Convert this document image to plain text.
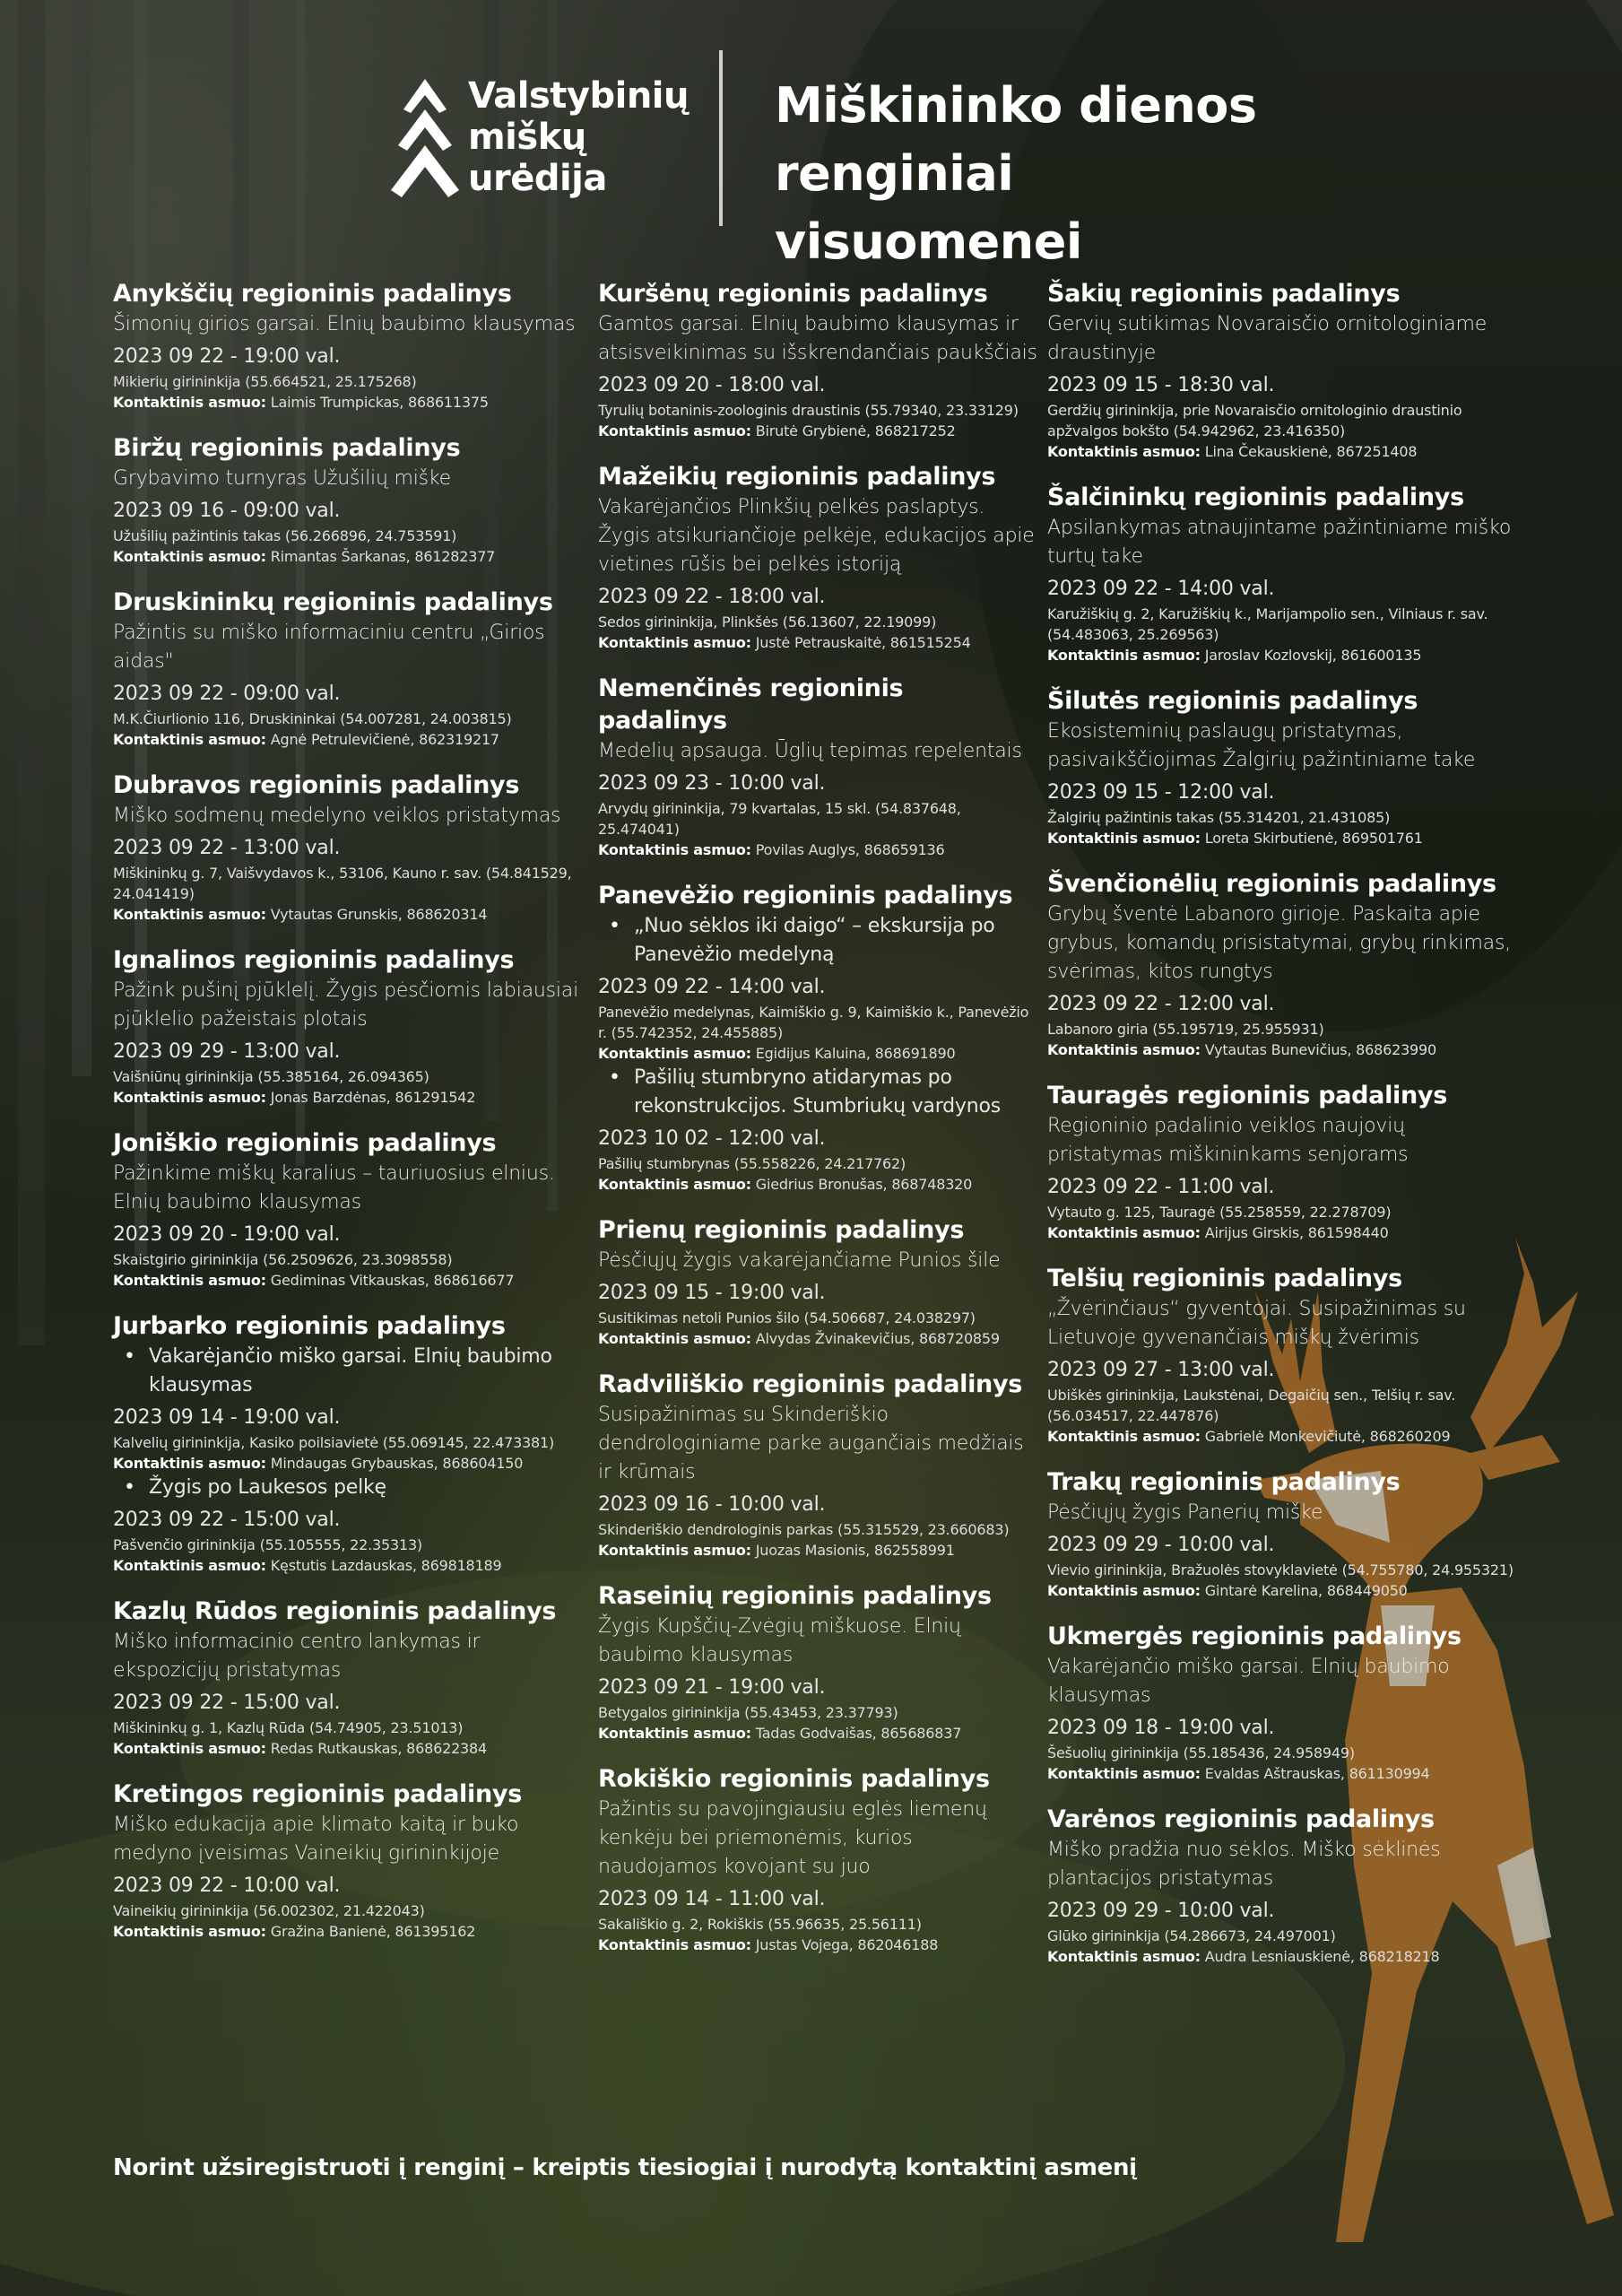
Valstybinių
miškų
urėdija
Miškininko dienos
renginiai visuomenei
Anykščių regioninis padalinys
Šimonių girios garsai. Elnių baubimo klausymas
2023 09 22 - 19:00 val.
Mikierių girininkija (55.664521, 25.175268)
Kontaktinis asmuo: Laimis Trumpickas, 868611375
Biržų regioninis padalinys
Grybavimo turnyras Užušilių miške
2023 09 16 - 09:00 val.
Užušilių pažintinis takas (56.266896, 24.753591)
Kontaktinis asmuo: Rimantas Šarkanas, 861282377
Druskininkų regioninis padalinys
Pažintis su miško informaciniu centru „Girios aidas"
2023 09 22 - 09:00 val.
M.K.Čiurlionio 116, Druskininkai (54.007281, 24.003815)
Kontaktinis asmuo: Agnė Petrulevičienė, 862319217
Dubravos regioninis padalinys
Miško sodmenų medelyno veiklos pristatymas
2023 09 22 - 13:00 val.
Miškininkų g. 7, Vaišvydavos k., 53106, Kauno r. sav. (54.841529, 24.041419)
Kontaktinis asmuo: Vytautas Grunskis, 868620314
Ignalinos regioninis padalinys
Pažink pušinį pjūklelį. Žygis pėsčiomis labiausiai pjūklelio pažeistais plotais
2023 09 29 - 13:00 val.
Vaišniūnų girininkija (55.385164, 26.094365)
Kontaktinis asmuo: Jonas Barzdėnas, 861291542
Joniškio regioninis padalinys
Pažinkime miškų karalius – tauriuosius elnius. Elnių baubimo klausymas
2023 09 20 - 19:00 val.
Skaistgirio girininkija (56.2509626, 23.3098558)
Kontaktinis asmuo: Gediminas Vitkauskas, 868616677
Jurbarko regioninis padalinys
• Vakarėjančio miško garsai. Elnių baubimo klausymas
2023 09 14 - 19:00 val.
Kalvelių girininkija, Kasiko poilsiavietė (55.069145, 22.473381)
Kontaktinis asmuo: Mindaugas Grybauskas, 868604150
• Žygis po Laukesos pelkę
2023 09 22 - 15:00 val.
Pašvenčio girininkija (55.105555, 22.35313)
Kontaktinis asmuo: Kęstutis Lazdauskas, 869818189
Kazlų Rūdos regioninis padalinys
Miško informacinio centro lankymas ir ekspozicijų pristatymas
2023 09 22 - 15:00 val.
Miškininkų g. 1, Kazlų Rūda (54.74905, 23.51013)
Kontaktinis asmuo: Redas Rutkauskas, 868622384
Kretingos regioninis padalinys
Miško edukacija apie klimato kaitą ir buko medyno įveisimas Vaineikių girininkijoje
2023 09 22 - 10:00 val.
Vaineikių girininkija (56.002302, 21.422043)
Kontaktinis asmuo: Gražina Banienė, 861395162
Kuršėnų regioninis padalinys
Gamtos garsai. Elnių baubimo klausymas ir atsisveikinimas su išskrendančiais paukščiais
2023 09 20 - 18:00 val.
Tyrulių botaninis-zoologinis draustinis (55.79340, 23.33129)
Kontaktinis asmuo: Birutė Grybienė, 868217252
Mažeikių regioninis padalinys
Vakarėjančios Plinkšių pelkės paslaptys. Žygis atsikuriančioje pelkėje, edukacijos apie vietines rūšis bei pelkės istoriją
2023 09 22 - 18:00 val.
Sedos girininkija, Plinkšės (56.13607, 22.19099)
Kontaktinis asmuo: Justė Petrauskaitė, 861515254
Nemenčinės regioninis padalinys
Medelių apsauga. Ūglių tepimas repelentais
2023 09 23 - 10:00 val.
Arvydų girininkija, 79 kvartalas, 15 skl. (54.837648, 25.474041)
Kontaktinis asmuo: Povilas Auglys, 868659136
Panevėžio regioninis padalinys
• „Nuo sėklos iki daigo“ – ekskursija po Panevėžio medelyną
2023 09 22 - 14:00 val.
Panevėžio medelynas, Kaimiškio g. 9, Kaimiškio k., Panevėžio r. (55.742352, 24.455885)
Kontaktinis asmuo: Egidijus Kaluina, 868691890
• Pašilių stumbryno atidarymas po rekonstrukcijos. Stumbriukų vardynos
2023 10 02 - 12:00 val.
Pašilių stumbrynas (55.558226, 24.217762)
Kontaktinis asmuo: Giedrius Bronušas, 868748320
Prienų regioninis padalinys
Pėsčiųjų žygis vakarėjančiame Punios šile
2023 09 15 - 19:00 val.
Susitikimas netoli Punios šilo (54.506687, 24.038297)
Kontaktinis asmuo: Alvydas Žvinakevičius, 868720859
Radviliškio regioninis padalinys
Susipažinimas su Skinderiškio dendrologiniame parke augančiais medžiais ir krūmais
2023 09 16 - 10:00 val.
Skinderiškio dendrologinis parkas (55.315529, 23.660683)
Kontaktinis asmuo: Juozas Masionis, 862558991
Raseinių regioninis padalinys
Žygis Kupščių-Zvėgių miškuose. Elnių baubimo klausymas
2023 09 21 - 19:00 val.
Betygalos girininkija (55.43453, 23.37793)
Kontaktinis asmuo: Tadas Godvaišas, 865686837
Rokiškio regioninis padalinys
Pažintis su pavojingiausiu eglės liemenų kenkėju bei priemonėmis, kurios naudojamos kovojant su juo
2023 09 14 - 11:00 val.
Sakališkio g. 2, Rokiškis (55.96635, 25.56111)
Kontaktinis asmuo: Justas Vojega, 862046188
Šakių regioninis padalinys
Gervių sutikimas Novaraisčio ornitologiniame draustinyje
2023 09 15 - 18:30 val.
Gerdžių girininkija, prie Novaraisčio ornitologinio draustinio apžvalgos bokšto (54.942962, 23.416350)
Kontaktinis asmuo: Lina Čekauskienė, 867251408
Šalčininkų regioninis padalinys
Apsilankymas atnaujintame pažintiniame miško turtų take
2023 09 22 - 14:00 val.
Karužiškių g. 2, Karužiškių k., Marijampolio sen., Vilniaus r. sav. (54.483063, 25.269563)
Kontaktinis asmuo: Jaroslav Kozlovskij, 861600135
Šilutės regioninis padalinys
Ekosisteminių paslaugų pristatymas, pasivaikščiojimas Žalgirių pažintiniame take
2023 09 15 - 12:00 val.
Žalgirių pažintinis takas (55.314201, 21.431085)
Kontaktinis asmuo: Loreta Skirbutienė, 869501761
Švenčionėlių regioninis padalinys
Grybų šventė Labanoro girioje. Paskaita apie grybus, komandų prisistatymai, grybų rinkimas, svėrimas, kitos rungtys
2023 09 22 - 12:00 val.
Labanoro giria (55.195719, 25.955931)
Kontaktinis asmuo: Vytautas Bunevičius, 868623990
Tauragės regioninis padalinys
Regioninio padalinio veiklos naujovių pristatymas miškininkams senjorams
2023 09 22 - 11:00 val.
Vytauto g. 125, Tauragė (55.258559, 22.278709)
Kontaktinis asmuo: Airijus Girskis, 861598440
Telšių regioninis padalinys
„Žvėrinčiaus“ gyventojai. Susipažinimas su Lietuvoje gyvenančiais miškų žvėrimis
2023 09 27 - 13:00 val.
Ubiškės girininkija, Laukstėnai, Degaičių sen., Telšių r. sav. (56.034517, 22.447876)
Kontaktinis asmuo: Gabrielė Monkevičiutė, 868260209
Trakų regioninis padalinys
Pėsčiųjų žygis Panerių miške
2023 09 29 - 10:00 val.
Vievio girininkija, Bražuolės stovyklavietė (54.755780, 24.955321)
Kontaktinis asmuo: Gintarė Karelina, 868449050
Ukmergės regioninis padalinys
Vakarėjančio miško garsai. Elnių baubimo klausymas
2023 09 18 - 19:00 val.
Šešuolių girininkija (55.185436, 24.958949)
Kontaktinis asmuo: Evaldas Aštrauskas, 861130994
Varėnos regioninis padalinys
Miško pradžia nuo sėklos. Miško sėklinės plantacijos pristatymas
2023 09 29 - 10:00 val.
Glūko girininkija (54.286673, 24.497001)
Kontaktinis asmuo: Audra Lesniauskienė, 868218218
Norint užsiregistruoti į renginį – kreiptis tiesiogiai į nurodytą kontaktinį asmenį
